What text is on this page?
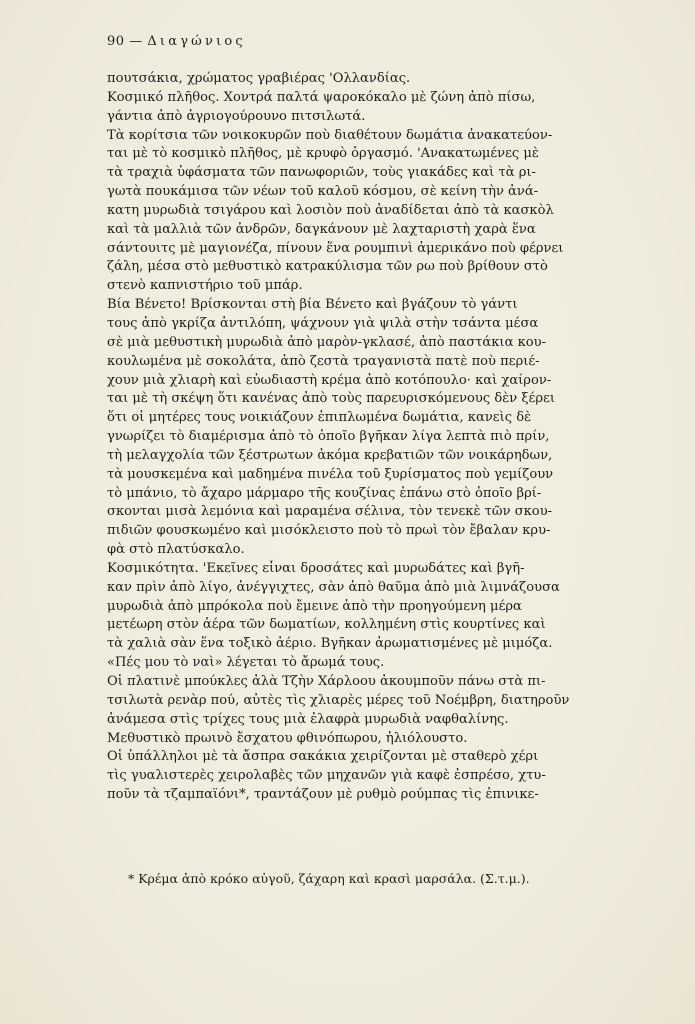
90 — Διαγώνιος
πουτσάκια, χρώματος γραβιέρας 'Ολλανδίας.
Κοσμικό πλῆθος. Χοντρά παλτά ψαροκόκαλο μὲ ζώνη ἀπὸ πίσω,
γάντια ἀπὸ ἀγριογούρουνο πιτσιλωτά.
Τὰ κορίτσια τῶν νοικοκυρῶν ποὺ διαθέτουν δωμάτια ἀνακατεύον-
ται μὲ τὸ κοσμικὸ πλῆθος, μὲ κρυφὸ ὀργασμό. 'Ανακατωμένες μὲ
τὰ τραχιὰ ὑφάσματα τῶν πανωφοριῶν, τοὺς γιακάδες καὶ τὰ ρι-
γωτὰ πουκάμισα τῶν νέων τοῦ καλοῦ κόσμου, σὲ κείνη τὴν ἀνά-
κατη μυρωδιὰ τσιγάρου καὶ λοσιὸν ποὺ ἀναδίδεται ἀπὸ τὰ κασκὸλ
καὶ τὰ μαλλιὰ τῶν ἀνδρῶν, δαγκάνουν μὲ λαχταριστὴ χαρὰ ἕνα
σάντουιτς μὲ μαγιονέζα, πίνουν ἕνα ρουμπινὶ ἀμερικάνο ποὺ φέρνει
ζάλη, μέσα στὸ μεθυστικὸ κατρακύλισμα τῶν ρω ποὺ βρίθουν στὸ
στενὸ καπνιστήριο τοῦ μπάρ.
Βία Βένετο! Βρίσκονται στὴ βία Βένετο καὶ βγάζουν τὸ γάντι
τους ἀπὸ γκρίζα ἀντιλόπη, ψάχνουν γιὰ ψιλὰ στὴν τσάντα μέσα
σὲ μιὰ μεθυστικὴ μυρωδιὰ ἀπὸ μαρὸν-γκλασέ, ἀπὸ παστάκια κου-
κουλωμένα μὲ σοκολάτα, ἀπὸ ζεστὰ τραγανιστὰ πατὲ ποὺ περιέ-
χουν μιὰ χλιαρὴ καὶ εὐωδιαστὴ κρέμα ἀπὸ κοτόπουλο· καὶ χαίρον-
ται μὲ τὴ σκέψη ὅτι κανένας ἀπὸ τοὺς παρευρισκόμενους δὲν ξέρει
ὅτι οἱ μητέρες τους νοικιάζουν ἐπιπλωμένα δωμάτια, κανεὶς δὲ
γνωρίζει τὸ διαμέρισμα ἀπὸ τὸ ὁποῖο βγῆκαν λίγα λεπτὰ πιὸ πρίν,
τὴ μελαγχολία τῶν ξέστρωτων ἀκόμα κρεβατιῶν τῶν νοικάρηδων,
τὰ μουσκεμένα καὶ μαδημένα πινέλα τοῦ ξυρίσματος ποὺ γεμίζουν
τὸ μπάνιο, τὸ ἄχαρο μάρμαρο τῆς κουζίνας ἐπάνω στὸ ὁποῖο βρί-
σκονται μισὰ λεμόνια καὶ μαραμένα σέλινα, τὸν τενεκὲ τῶν σκου-
πιδιῶν φουσκωμένο καὶ μισόκλειστο ποὺ τὸ πρωὶ τὸν ἔβαλαν κρυ-
φὰ στὸ πλατύσκαλο.
Κοσμικότητα. 'Εκεῖνες εἶναι δροσάτες καὶ μυρωδάτες καὶ βγῆ-
καν πρὶν ἀπὸ λίγο, ἀνέγγιχτες, σὰν ἀπὸ θαῦμα ἀπὸ μιὰ λιμνάζουσα
μυρωδιὰ ἀπὸ μπρόκολα ποὺ ἔμεινε ἀπὸ τὴν προηγούμενη μέρα
μετέωρη στὸν ἀέρα τῶν δωματίων, κολλημένη στὶς κουρτίνες καὶ
τὰ χαλιὰ σὰν ἕνα τοξικὸ ἀέριο. Βγῆκαν ἀρωματισμένες μὲ μιμόζα.
«Πές μου τὸ ναὶ» λέγεται τὸ ἄρωμά τους.
Οἱ πλατινὲ μπούκλες ἀλὰ Τζὴν Χάρλοου ἀκουμποῦν πάνω στὰ πι-
τσιλωτὰ ρενὰρ πού, αὐτὲς τὶς χλιαρὲς μέρες τοῦ Νοέμβρη, διατηροῦν
ἀνάμεσα στὶς τρίχες τους μιὰ ἐλαφρὰ μυρωδιὰ ναφθαλίνης.
Μεθυστικὸ πρωινὸ ἔσχατου φθινόπωρου, ἡλιόλουστο.
Οἱ ὑπάλληλοι μὲ τὰ ἄσπρα σακάκια χειρίζονται μὲ σταθερὸ χέρι
τὶς γυαλιστερὲς χειρολαβὲς τῶν μηχανῶν γιὰ καφὲ ἐσπρέσο, χτυ-
ποῦν τὰ τζαμπαϊόνι*, τραντάζουν μὲ ρυθμὸ ρούμπας τὶς ἐπινικε-
* Κρέμα ἀπὸ κρόκο αὐγοῦ, ζάχαρη καὶ κρασὶ μαρσάλα. (Σ.τ.μ.).
